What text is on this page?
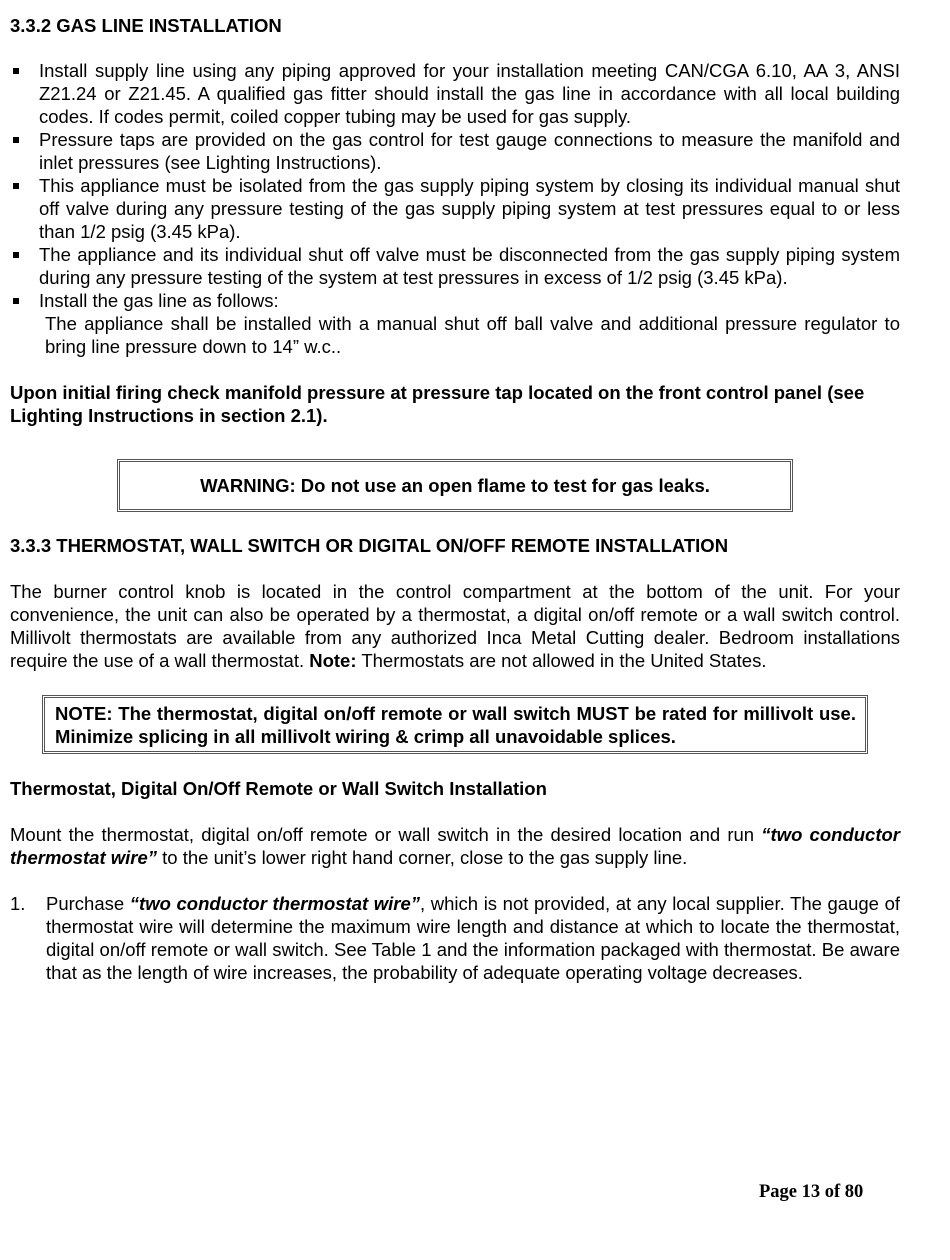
3.3.2 GAS LINE INSTALLATION
Install supply line using any piping approved for your installation meeting CAN/CGA 6.10, AA 3, ANSI Z21.24 or Z21.45. A qualified gas fitter should install the gas line in accordance with all local building codes. If codes permit, coiled copper tubing may be used for gas supply.
Pressure taps are provided on the gas control for test gauge connections to measure the manifold and inlet pressures (see Lighting Instructions).
This appliance must be isolated from the gas supply piping system by closing its individual manual shut off valve during any pressure testing of the gas supply piping system at test pressures equal to or less than 1/2 psig (3.45 kPa).
The appliance and its individual shut off valve must be disconnected from the gas supply piping system during any pressure testing of the system at test pressures in excess of 1/2 psig (3.45 kPa).
Install the gas line as follows:
The appliance shall be installed with a manual shut off ball valve and additional pressure regulator to bring line pressure down to 14” w.c..

Upon initial firing check manifold pressure at pressure tap located on the front control panel (see Lighting Instructions in section 2.1).

WARNING: Do not use an open flame to test for gas leaks.
3.3.3 THERMOSTAT, WALL SWITCH OR DIGITAL ON/OFF REMOTE INSTALLATION

The burner control knob is located in the control compartment at the bottom of the unit. For your convenience, the unit can also be operated by a thermostat, a digital on/off remote or a wall switch control. Millivolt thermostats are available from any authorized Inca Metal Cutting dealer. Bedroom installations require the use of a wall thermostat. Note: Thermostats are not allowed in the United States.

NOTE: The thermostat, digital on/off remote or wall switch MUST be rated for millivolt use. Minimize splicing in all millivolt wiring & crimp all unavoidable splices.
Thermostat, Digital On/Off Remote or Wall Switch Installation

Mount the thermostat, digital on/off remote or wall switch in the desired location and run “two conductor thermostat wire” to the unit’s lower right hand corner, close to the gas supply line.

1. Purchase “two conductor thermostat wire”, which is not provided, at any local supplier. The gauge of thermostat wire will determine the maximum wire length and distance at which to locate the thermostat, digital on/off remote or wall switch. See Table 1 and the information packaged with thermostat. Be aware that as the length of wire increases, the probability of adequate operating voltage decreases.
Page 13 of 80
